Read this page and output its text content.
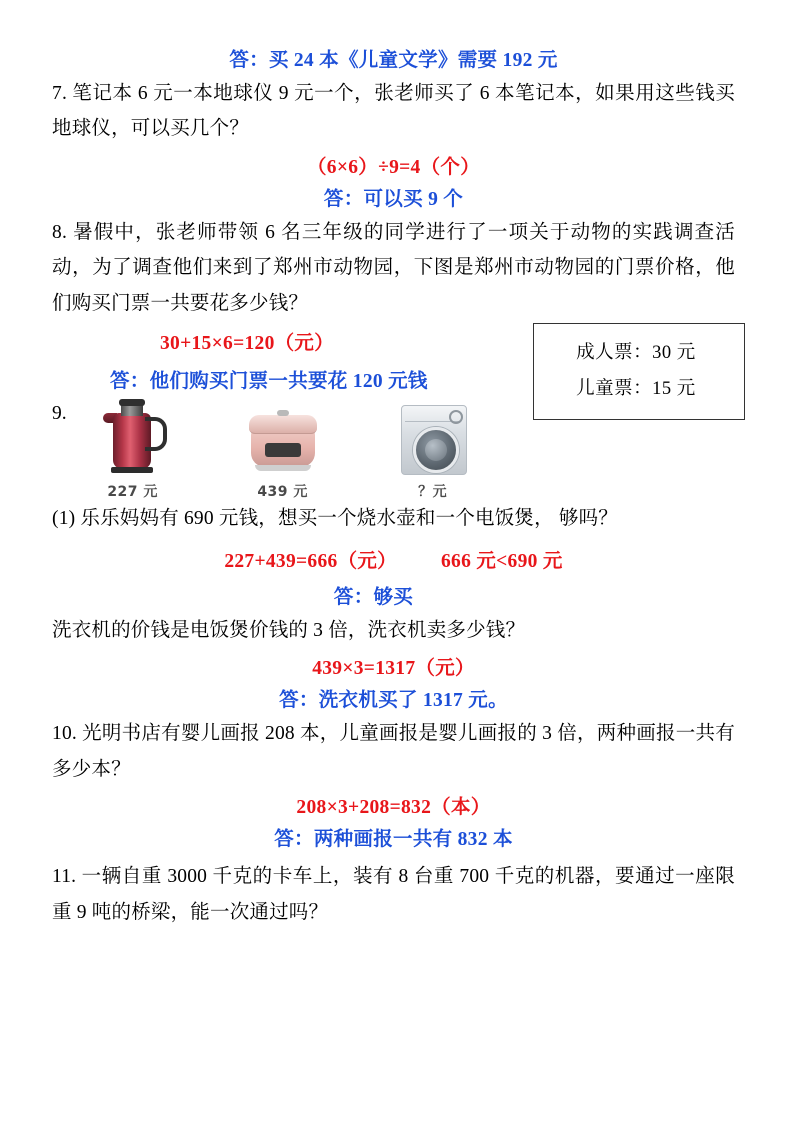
答：买 24 本《儿童文学》需要 192 元
7. 笔记本 6 元一本地球仪 9 元一个，张老师买了 6 本笔记本，如果用这些钱买地球仪，可以买几个？
（6×6）÷9=4（个）
答：可以买 9 个
8. 暑假中，张老师带领 6 名三年级的同学进行了一项关于动物的实践调查活动，为了调查他们来到了郑州市动物园，下图是郑州市动物园的门票价格，他们购买门票一共要花多少钱？
30+15×6=120（元）
答：他们购买门票一共要花 120 元钱
成人票：30 元
儿童票：15 元
9.
227 元	439 元	？元
(1) 乐乐妈妈有 690 元钱，想买一个烧水壶和一个电饭煲， 够吗？
227+439=666（元） 666 元<690 元
答：够买
洗衣机的价钱是电饭煲价钱的 3 倍，洗衣机卖多少钱？
439×3=1317（元）
答：洗衣机买了 1317 元。
10. 光明书店有婴儿画报 208 本，儿童画报是婴儿画报的 3 倍，两种画报一共有多少本？
208×3+208=832（本）
答：两种画报一共有 832 本
11. 一辆自重 3000 千克的卡车上，装有 8 台重 700 千克的机器，要通过一座限重 9 吨的桥梁，能一次通过吗？
